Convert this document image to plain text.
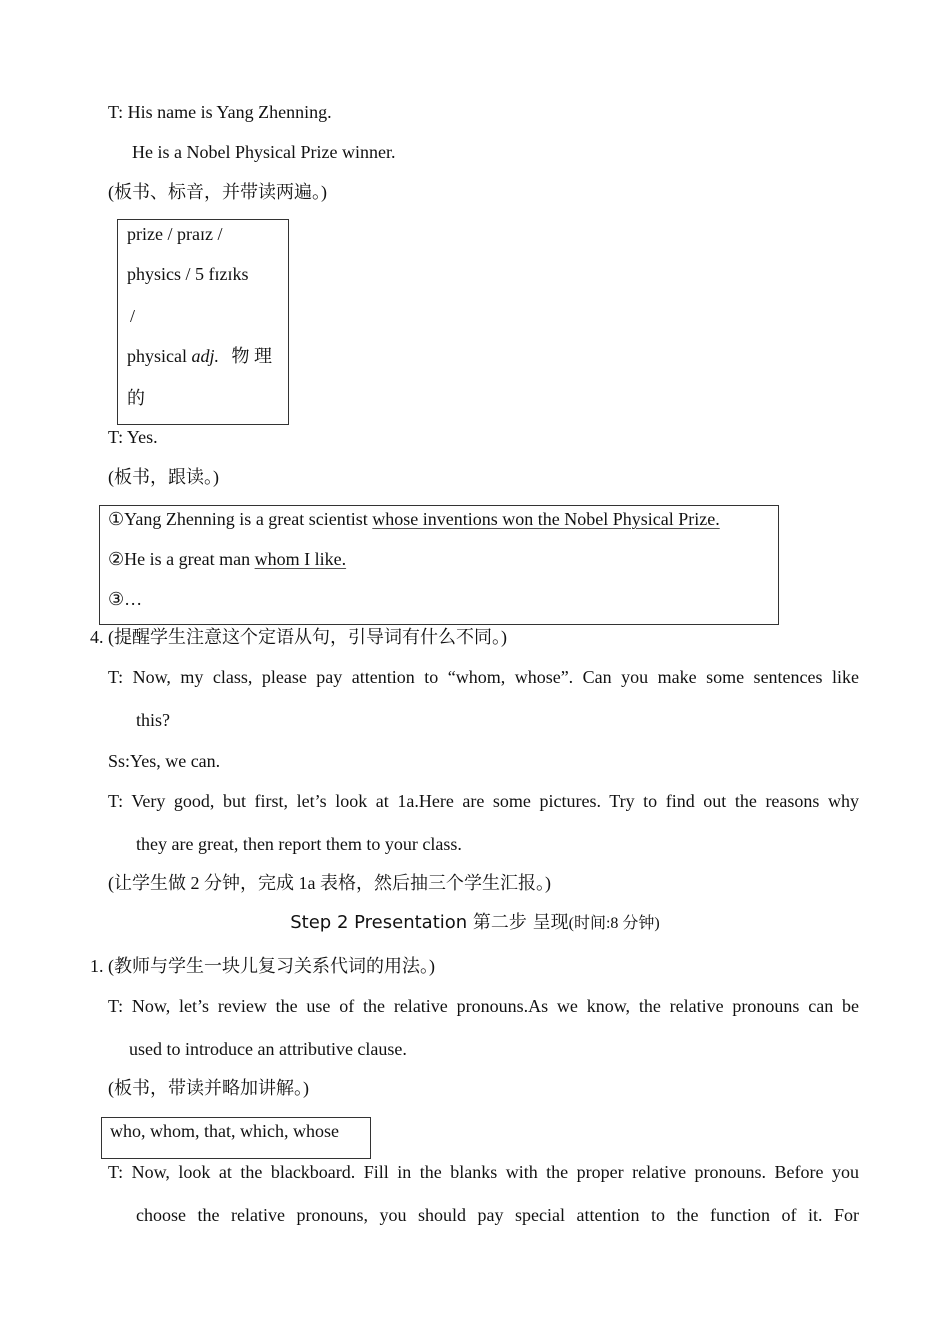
T: His name is Yang Zhenning.
He is a Nobel Physical Prize winner.
(板书、标音，并带读两遍。)
prize / praɪz /
physics / 5 fɪzɪks
/
physical adj. 物 理
的
T: Yes.
(板书，跟读。)
①Yang Zhenning is a great scientist whose inventions won the Nobel Physical Prize.
②He is a great man whom I like.
③…
4. (提醒学生注意这个定语从句，引导词有什么不同。)
T: Now, my class, please pay attention to “whom, whose”. Can you make some sentences like
this?
Ss:Yes, we can.
T: Very good, but first, let’s look at 1a.Here are some pictures. Try to find out the reasons why
they are great, then report them to your class.
(让学生做 2 分钟，完成 1a 表格，然后抽三个学生汇报。)
Step 2 Presentation 第二步 呈现(时间:8 分钟)
1. (教师与学生一块儿复习关系代词的用法。)
T: Now, let’s review the use of the relative pronouns.As we know, the relative pronouns can be
used to introduce an attributive clause.
(板书，带读并略加讲解。)
who, whom, that, which, whose
T: Now, look at the blackboard. Fill in the blanks with the proper relative pronouns. Before you
choose the relative pronouns, you should pay special attention to the function of it. For
